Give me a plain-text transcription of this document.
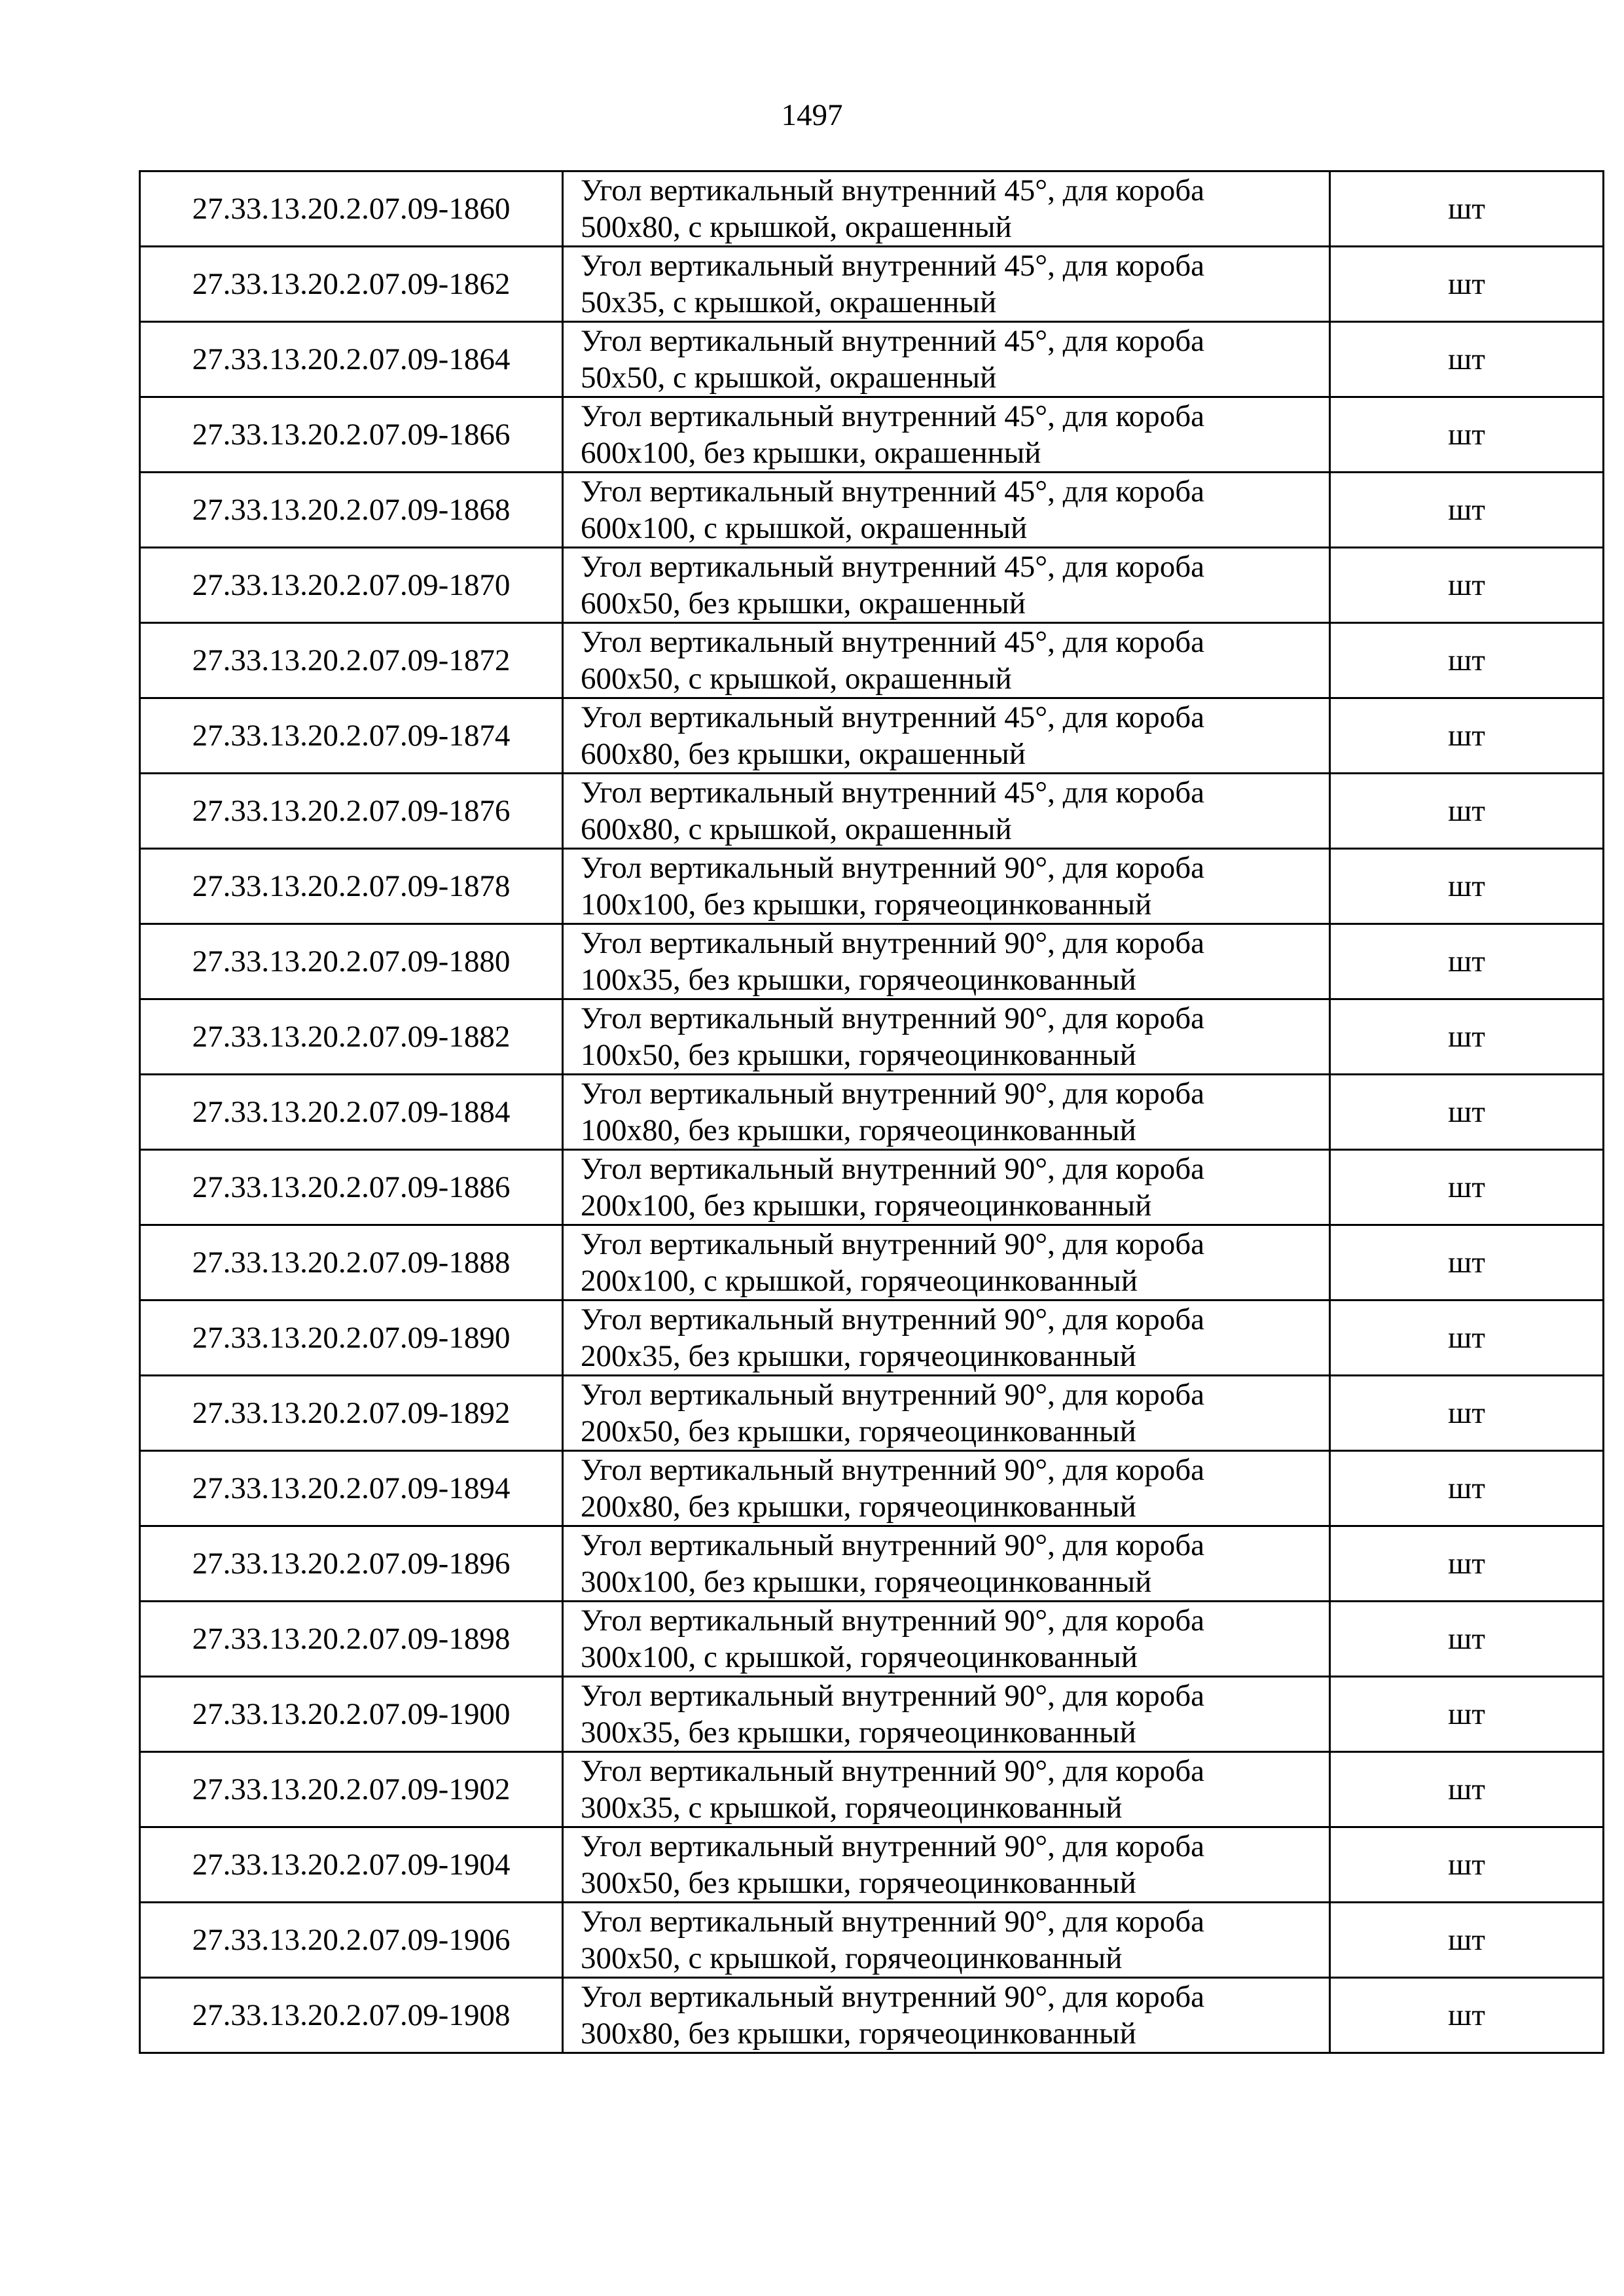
1497
27.33.13.20.2.07.09-1860	Угол вертикальный внутренний 45°, для короба
500х80, с крышкой, окрашенный	шт
27.33.13.20.2.07.09-1862	Угол вертикальный внутренний 45°, для короба
50х35, с крышкой, окрашенный	шт
27.33.13.20.2.07.09-1864	Угол вертикальный внутренний 45°, для короба
50х50, с крышкой, окрашенный	шт
27.33.13.20.2.07.09-1866	Угол вертикальный внутренний 45°, для короба
600х100, без крышки, окрашенный	шт
27.33.13.20.2.07.09-1868	Угол вертикальный внутренний 45°, для короба
600х100, с крышкой, окрашенный	шт
27.33.13.20.2.07.09-1870	Угол вертикальный внутренний 45°, для короба
600х50, без крышки, окрашенный	шт
27.33.13.20.2.07.09-1872	Угол вертикальный внутренний 45°, для короба
600х50, с крышкой, окрашенный	шт
27.33.13.20.2.07.09-1874	Угол вертикальный внутренний 45°, для короба
600х80, без крышки, окрашенный	шт
27.33.13.20.2.07.09-1876	Угол вертикальный внутренний 45°, для короба
600х80, с крышкой, окрашенный	шт
27.33.13.20.2.07.09-1878	Угол вертикальный внутренний 90°, для короба
100х100, без крышки, горячеоцинкованный	шт
27.33.13.20.2.07.09-1880	Угол вертикальный внутренний 90°, для короба
100х35, без крышки, горячеоцинкованный	шт
27.33.13.20.2.07.09-1882	Угол вертикальный внутренний 90°, для короба
100х50, без крышки, горячеоцинкованный	шт
27.33.13.20.2.07.09-1884	Угол вертикальный внутренний 90°, для короба
100х80, без крышки, горячеоцинкованный	шт
27.33.13.20.2.07.09-1886	Угол вертикальный внутренний 90°, для короба
200х100, без крышки, горячеоцинкованный	шт
27.33.13.20.2.07.09-1888	Угол вертикальный внутренний 90°, для короба
200х100, с крышкой, горячеоцинкованный	шт
27.33.13.20.2.07.09-1890	Угол вертикальный внутренний 90°, для короба
200х35, без крышки, горячеоцинкованный	шт
27.33.13.20.2.07.09-1892	Угол вертикальный внутренний 90°, для короба
200х50, без крышки, горячеоцинкованный	шт
27.33.13.20.2.07.09-1894	Угол вертикальный внутренний 90°, для короба
200х80, без крышки, горячеоцинкованный	шт
27.33.13.20.2.07.09-1896	Угол вертикальный внутренний 90°, для короба
300х100, без крышки, горячеоцинкованный	шт
27.33.13.20.2.07.09-1898	Угол вертикальный внутренний 90°, для короба
300х100, с крышкой, горячеоцинкованный	шт
27.33.13.20.2.07.09-1900	Угол вертикальный внутренний 90°, для короба
300х35, без крышки, горячеоцинкованный	шт
27.33.13.20.2.07.09-1902	Угол вертикальный внутренний 90°, для короба
300х35, с крышкой, горячеоцинкованный	шт
27.33.13.20.2.07.09-1904	Угол вертикальный внутренний 90°, для короба
300х50, без крышки, горячеоцинкованный	шт
27.33.13.20.2.07.09-1906	Угол вертикальный внутренний 90°, для короба
300х50, с крышкой, горячеоцинкованный	шт
27.33.13.20.2.07.09-1908	Угол вертикальный внутренний 90°, для короба
300х80, без крышки, горячеоцинкованный	шт
